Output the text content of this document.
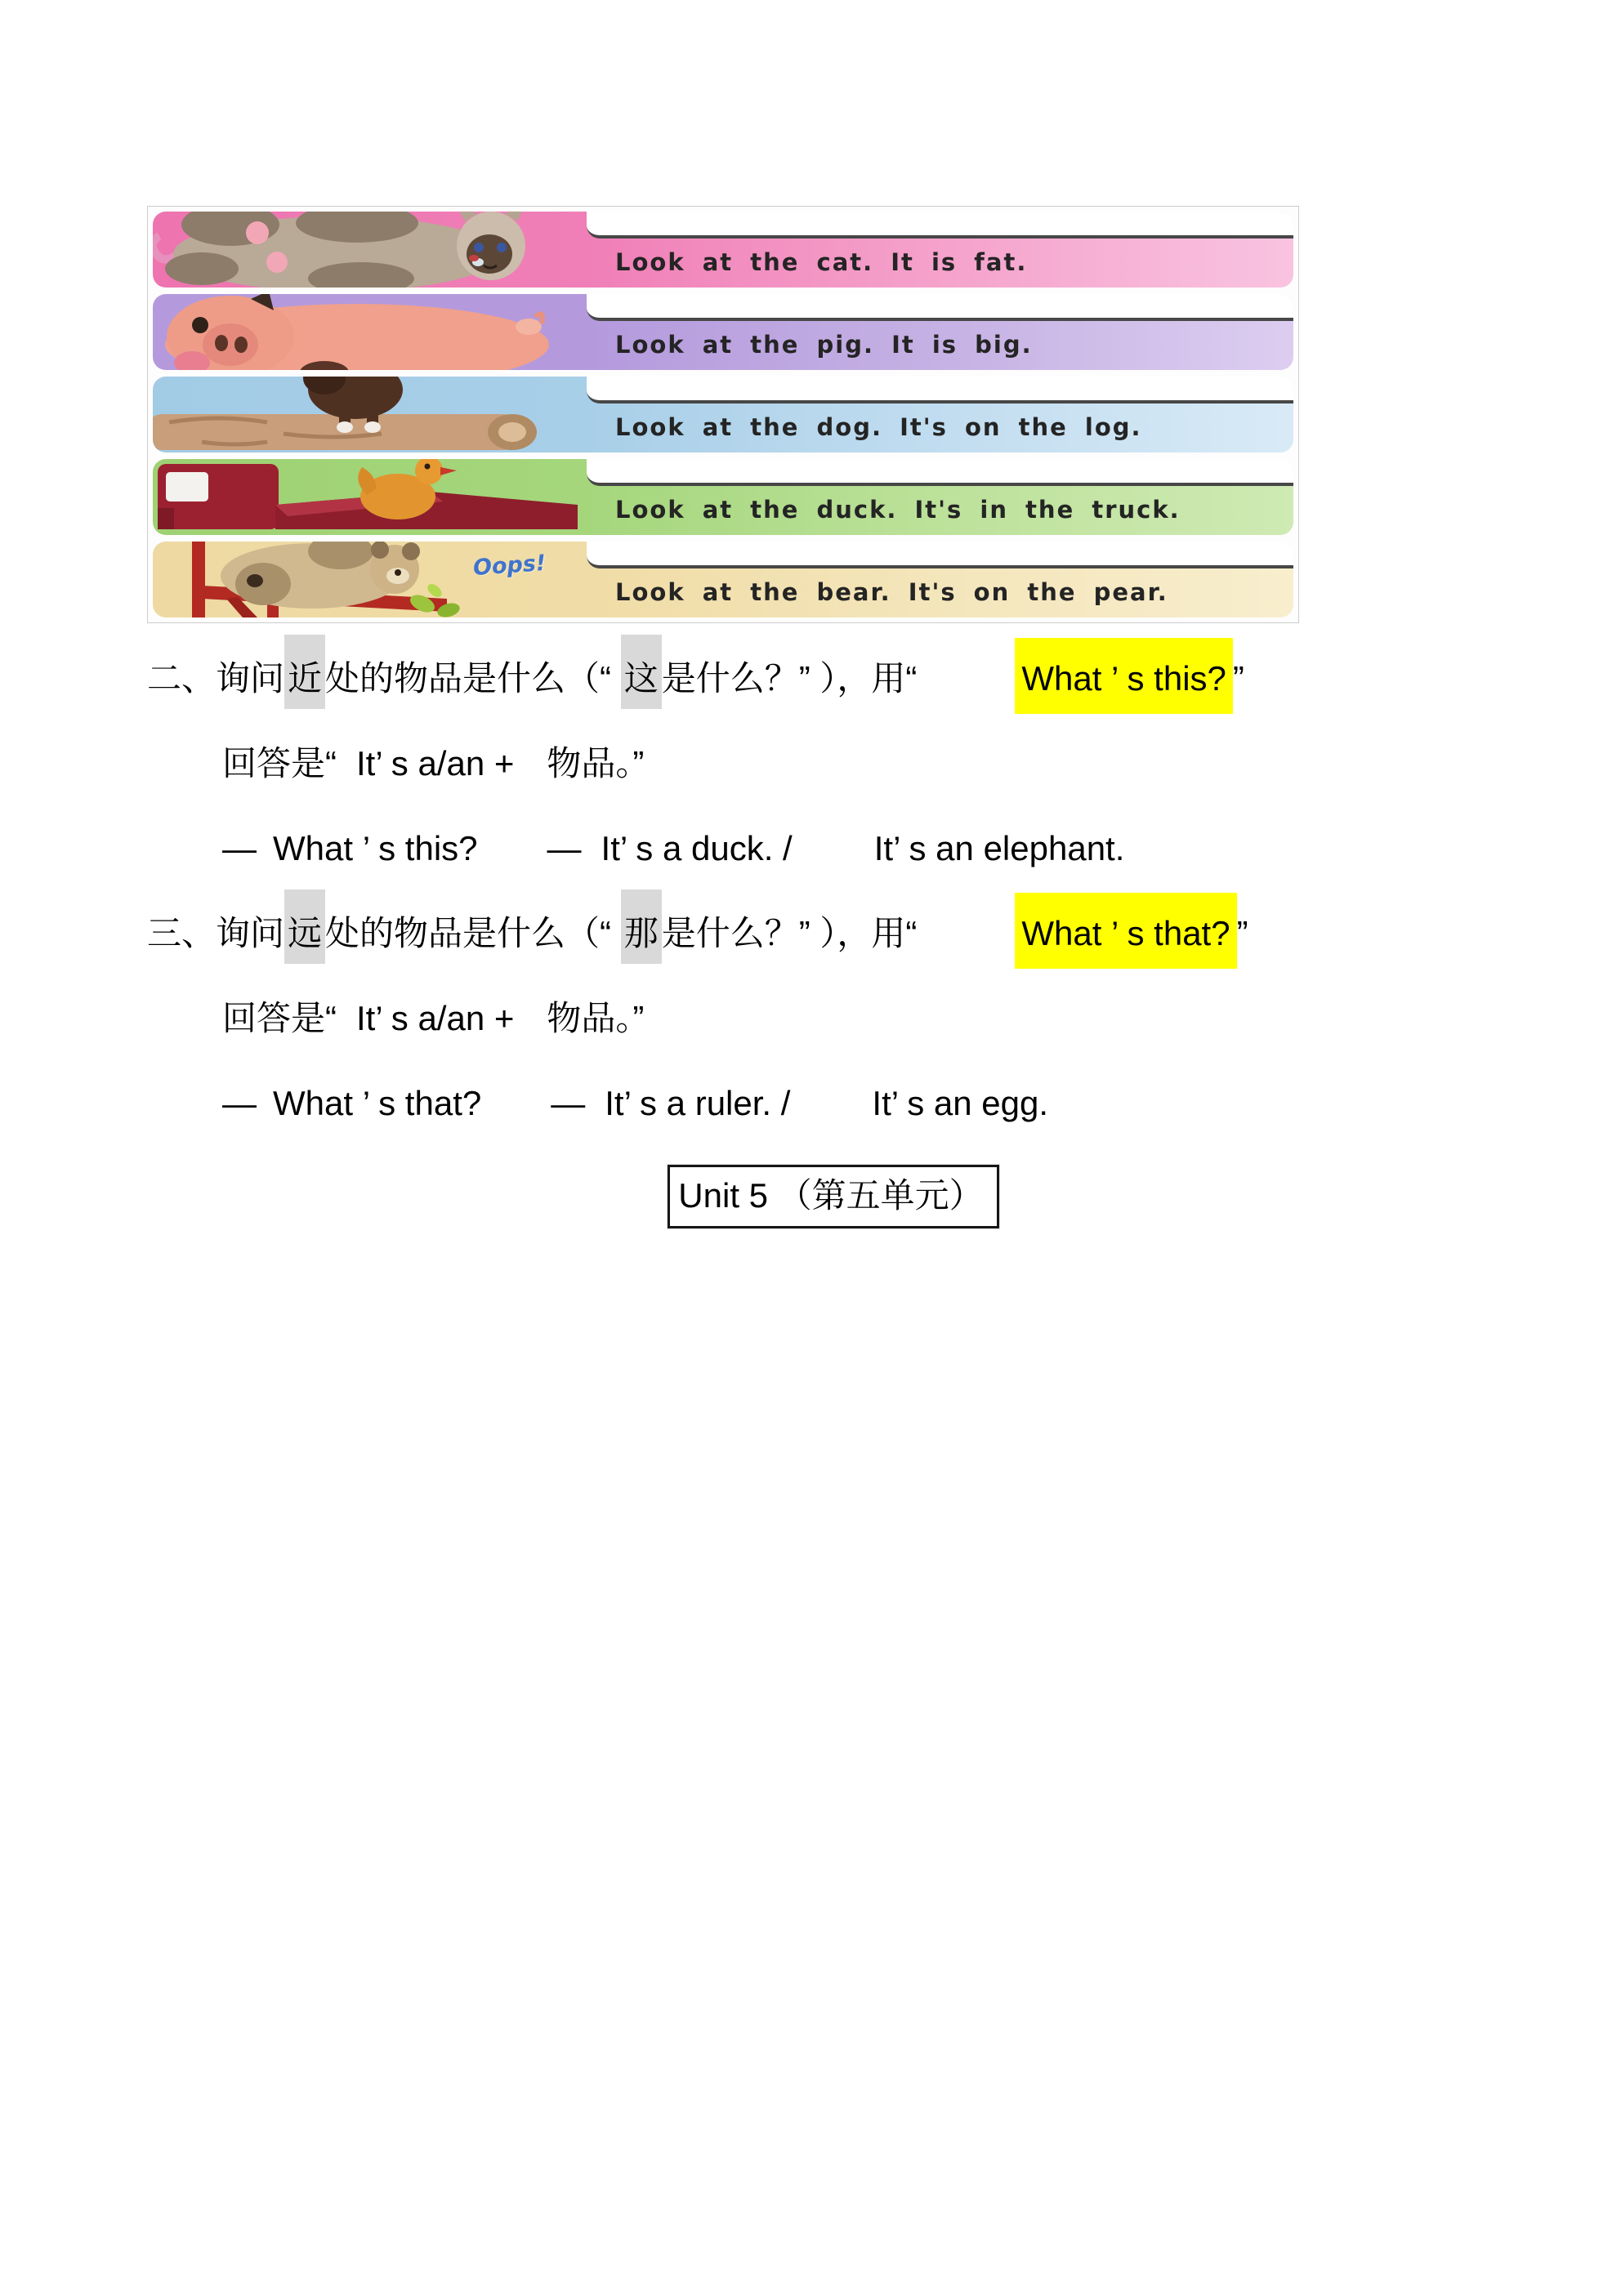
Look at the cat. It is fat.
Look at the pig. It is big.
Look at the dog. It's on the log.
Look at the duck. It's in the truck.
Oops!
Look at the bear. It's on the pear.
二、询问近处的物品是什么（“ 这是什么？” ），用“	What ’ s this? ”
回答是“ It’ s a/an + 物品。”
— What ’ s this? — It’ s a duck. / It’ s an elephant.
三、询问远处的物品是什么（“ 那是什么？” ），用“	What ’ s that? ”
回答是“ It’ s a/an + 物品。”
— What ’ s that? — It’ s a ruler. / It’ s an egg.
Unit 5 （第五单元）
